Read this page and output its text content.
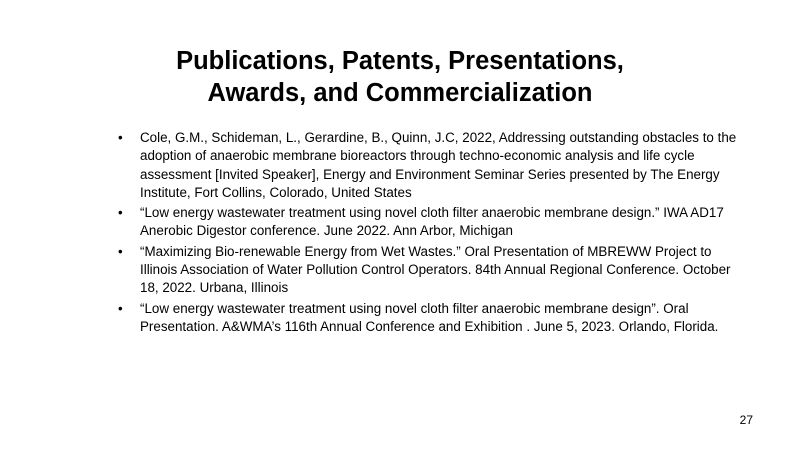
Publications, Patents, Presentations,
Awards, and Commercialization
• Cole, G.M., Schideman, L., Gerardine, B., Quinn, J.C, 2022, Addressing outstanding obstacles to the adoption of anaerobic membrane bioreactors through techno-economic analysis and life cycle assessment [Invited Speaker], Energy and Environment Seminar Series presented by The Energy Institute, Fort Collins, Colorado, United States
• “Low energy wastewater treatment using novel cloth filter anaerobic membrane design.” IWA AD17 Anerobic Digestor conference. June 2022. Ann Arbor, Michigan
• “Maximizing Bio-renewable Energy from Wet Wastes.” Oral Presentation of MBREWW Project to Illinois Association of Water Pollution Control Operators. 84th Annual Regional Conference. October 18, 2022. Urbana, Illinois
• “Low energy wastewater treatment using novel cloth filter anaerobic membrane design”. Oral Presentation. A&WMA’s 116th Annual Conference and Exhibition . June 5, 2023. Orlando, Florida.
27
